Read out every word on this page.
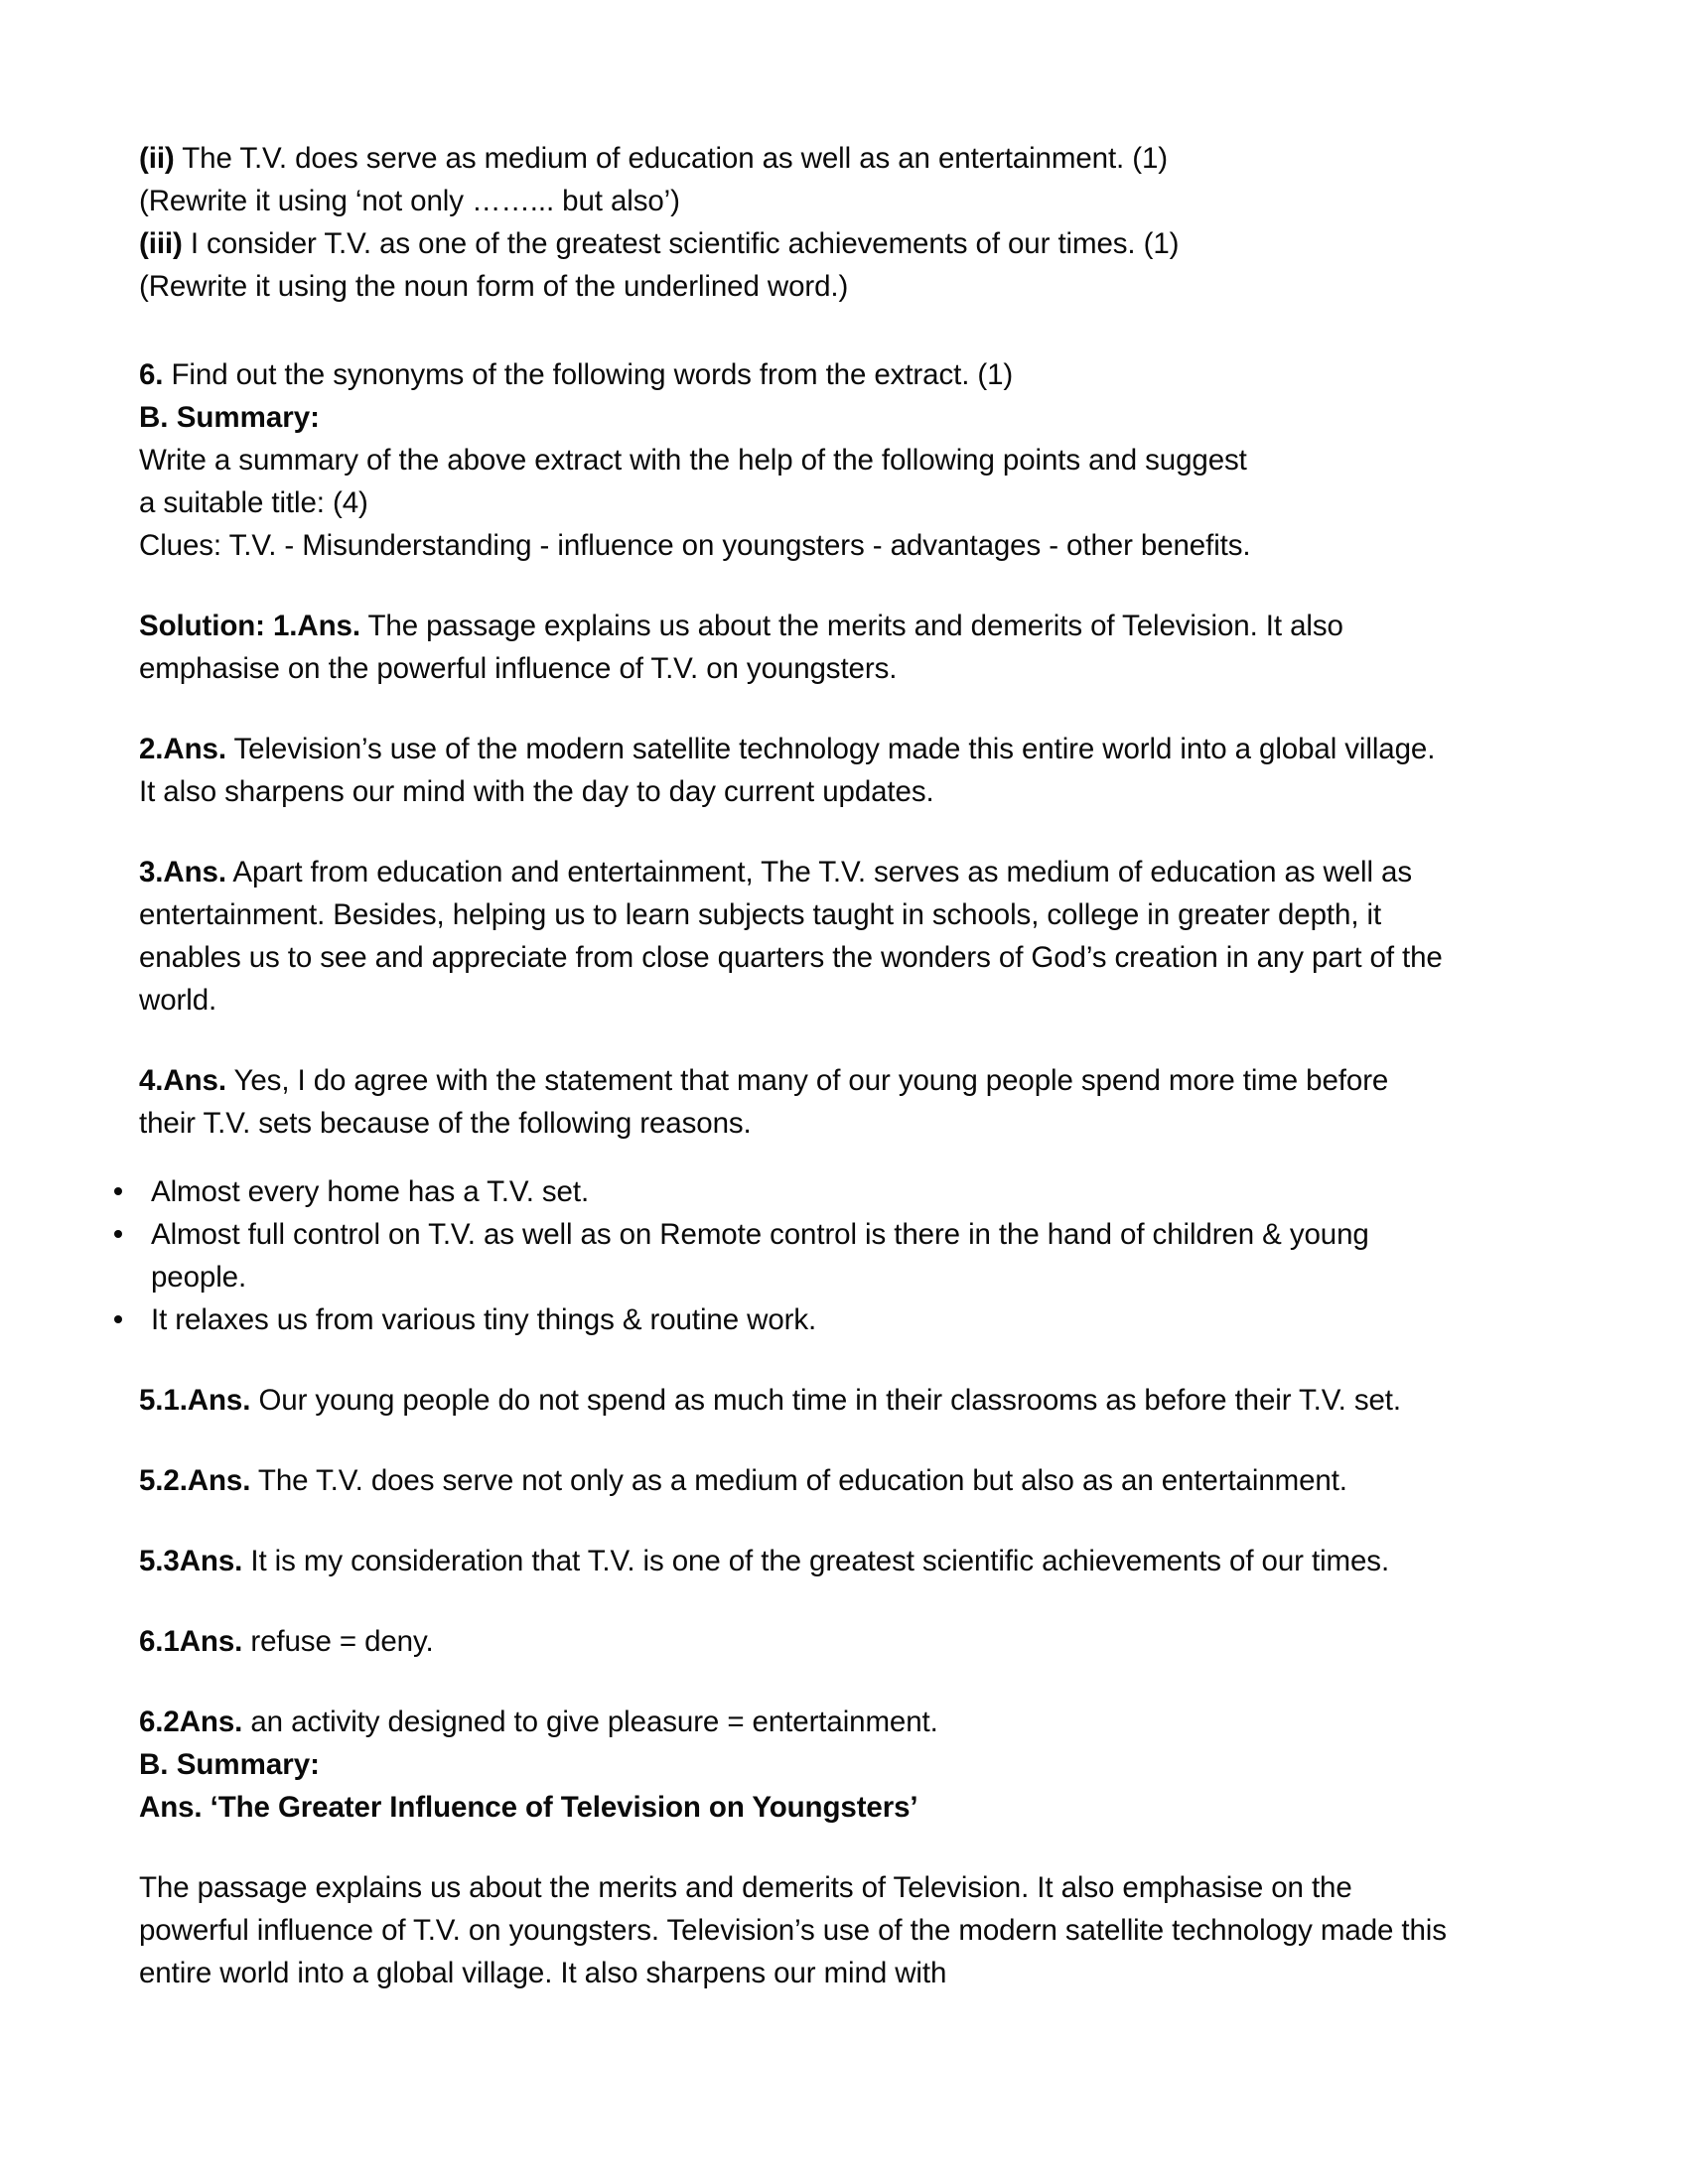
(ii) The T.V. does serve as medium of education as well as an entertainment. (1)

(Rewrite it using ‘not only ……... but also’)

(iii) I consider T.V. as one of the greatest scientific achievements of our times. (1)

(Rewrite it using the noun form of the underlined word.)

6. Find out the synonyms of the following words from the extract. (1)

B. Summary:

Write a summary of the above extract with the help of the following points and suggest

a suitable title: (4)

Clues: T.V. - Misunderstanding - influence on youngsters - advantages - other benefits.

Solution: 1.Ans. The passage explains us about the merits and demerits of Television. It also emphasise on the powerful influence of T.V. on youngsters.

2.Ans. Television’s use of the modern satellite technology made this entire world into a global village. It also sharpens our mind with the day to day current updates.

3.Ans. Apart from education and entertainment, The T.V. serves as medium of education as well as entertainment. Besides, helping us to learn subjects taught in schools, college in greater depth, it enables us to see and appreciate from close quarters the wonders of God’s creation in any part of the world.

4.Ans. Yes, I do agree with the statement that many of our young people spend more time before their T.V. sets because of the following reasons.

Almost every home has a T.V. set.
Almost full control on T.V. as well as on Remote control is there in the hand of children & young people.
It relaxes us from various tiny things & routine work.

5.1.Ans. Our young people do not spend as much time in their classrooms as before their T.V. set.

5.2.Ans. The T.V. does serve not only as a medium of education but also as an entertainment.

5.3Ans. It is my consideration that T.V. is one of the greatest scientific achievements of our times.

6.1Ans. refuse = deny.

6.2Ans. an activity designed to give pleasure = entertainment.

B. Summary:

Ans. ‘The Greater Influence of Television on Youngsters’

The passage explains us about the merits and demerits of Television. It also emphasise on the powerful influence of T.V. on youngsters. Television’s use of the modern satellite technology made this entire world into a global village. It also sharpens our mind with
